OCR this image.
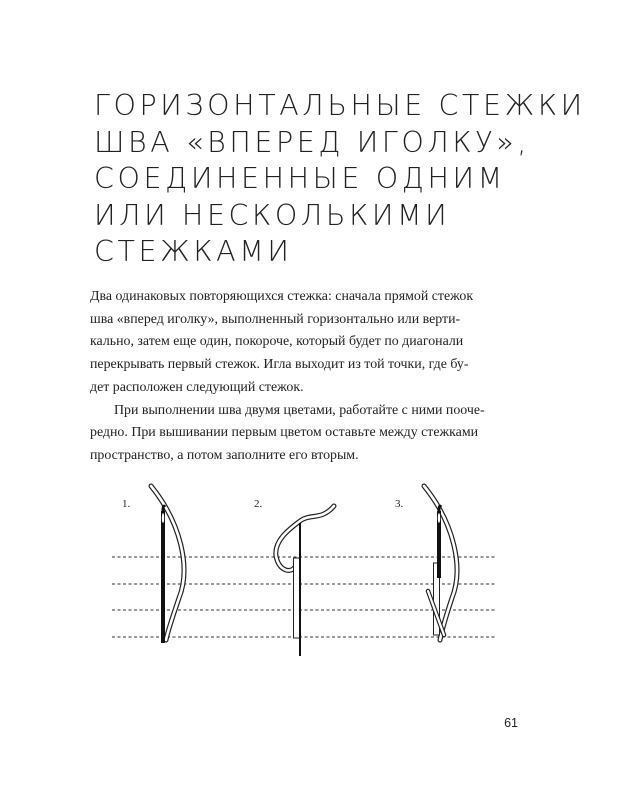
ГОРИЗОНТАЛЬНЫЕ СТЕЖКИ
ШВА «ВПЕРЕД ИГОЛКУ»,
СОЕДИНЕННЫЕ ОДНИМ
ИЛИ НЕСКОЛЬКИМИ
СТЕЖКАМИ

Два одинаковых повторяющихся стежка: сначала прямой стежок

шва «вперед иголку», выполненный горизонтально или верти-

кально, затем еще один, покороче, который будет по диагонали

перекрывать первый стежок. Игла выходит из той точки, где бу-

дет расположен следующий стежок.

При выполнении шва двумя цветами, работайте с ними пооче-

редно. При вышивании первым цветом оставьте между стежками

пространство, а потом заполните его вторым.

1.	2.	3.
61
